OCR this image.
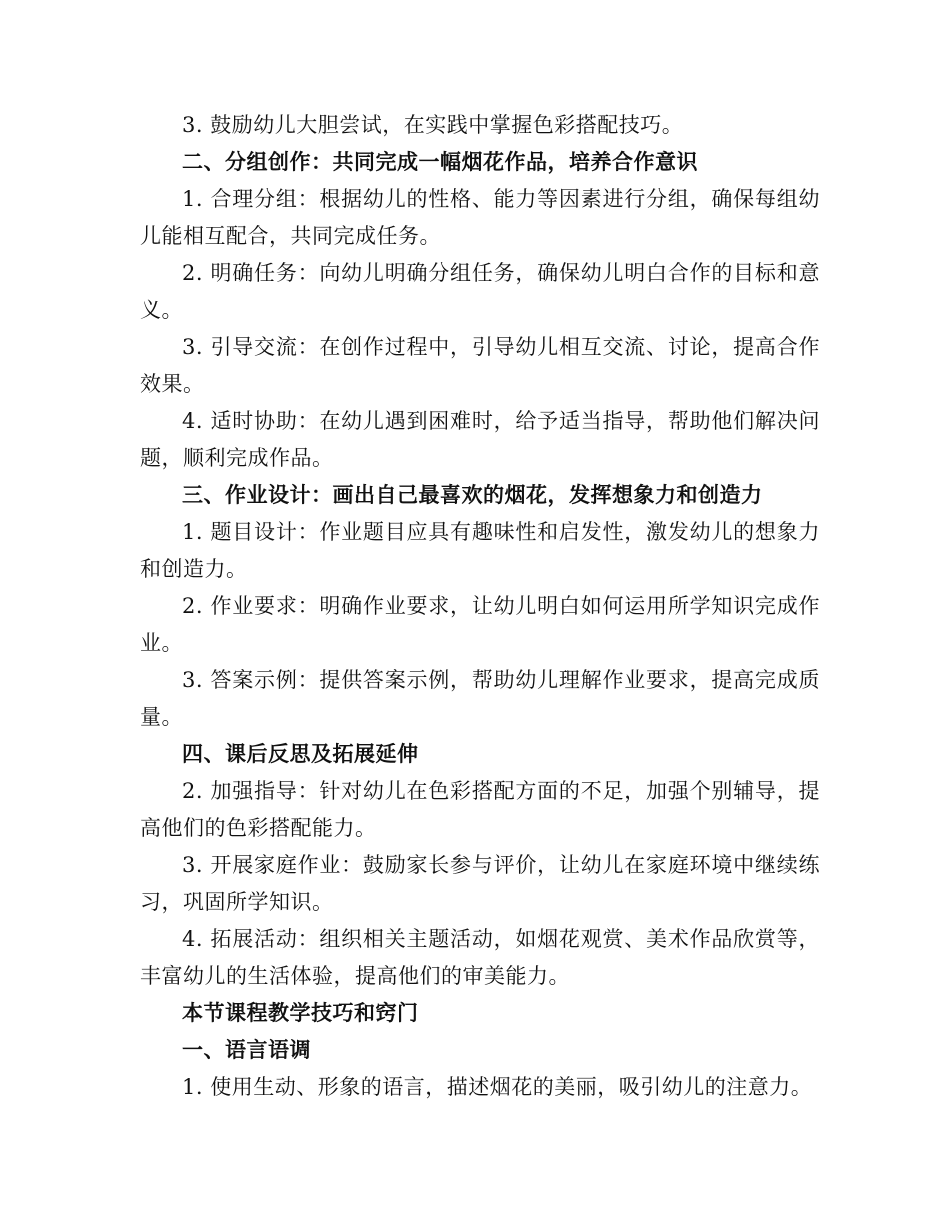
3. 鼓励幼儿大胆尝试，在实践中掌握色彩搭配技巧。

二、分组创作：共同完成一幅烟花作品，培养合作意识

1. 合理分组：根据幼儿的性格、能力等因素进行分组，确保每组幼儿能相互配合，共同完成任务。

2. 明确任务：向幼儿明确分组任务，确保幼儿明白合作的目标和意义。

3. 引导交流：在创作过程中，引导幼儿相互交流、讨论，提高合作效果。

4. 适时协助：在幼儿遇到困难时，给予适当指导，帮助他们解决问题，顺利完成作品。

三、作业设计：画出自己最喜欢的烟花，发挥想象力和创造力

1. 题目设计：作业题目应具有趣味性和启发性，激发幼儿的想象力和创造力。

2. 作业要求：明确作业要求，让幼儿明白如何运用所学知识完成作业。

3. 答案示例：提供答案示例，帮助幼儿理解作业要求，提高完成质量。

四、课后反思及拓展延伸

2. 加强指导：针对幼儿在色彩搭配方面的不足，加强个别辅导，提高他们的色彩搭配能力。

3. 开展家庭作业：鼓励家长参与评价，让幼儿在家庭环境中继续练习，巩固所学知识。

4. 拓展活动：组织相关主题活动，如烟花观赏、美术作品欣赏等，丰富幼儿的生活体验，提高他们的审美能力。

本节课程教学技巧和窍门

一、语言语调

1. 使用生动、形象的语言，描述烟花的美丽，吸引幼儿的注意力。
